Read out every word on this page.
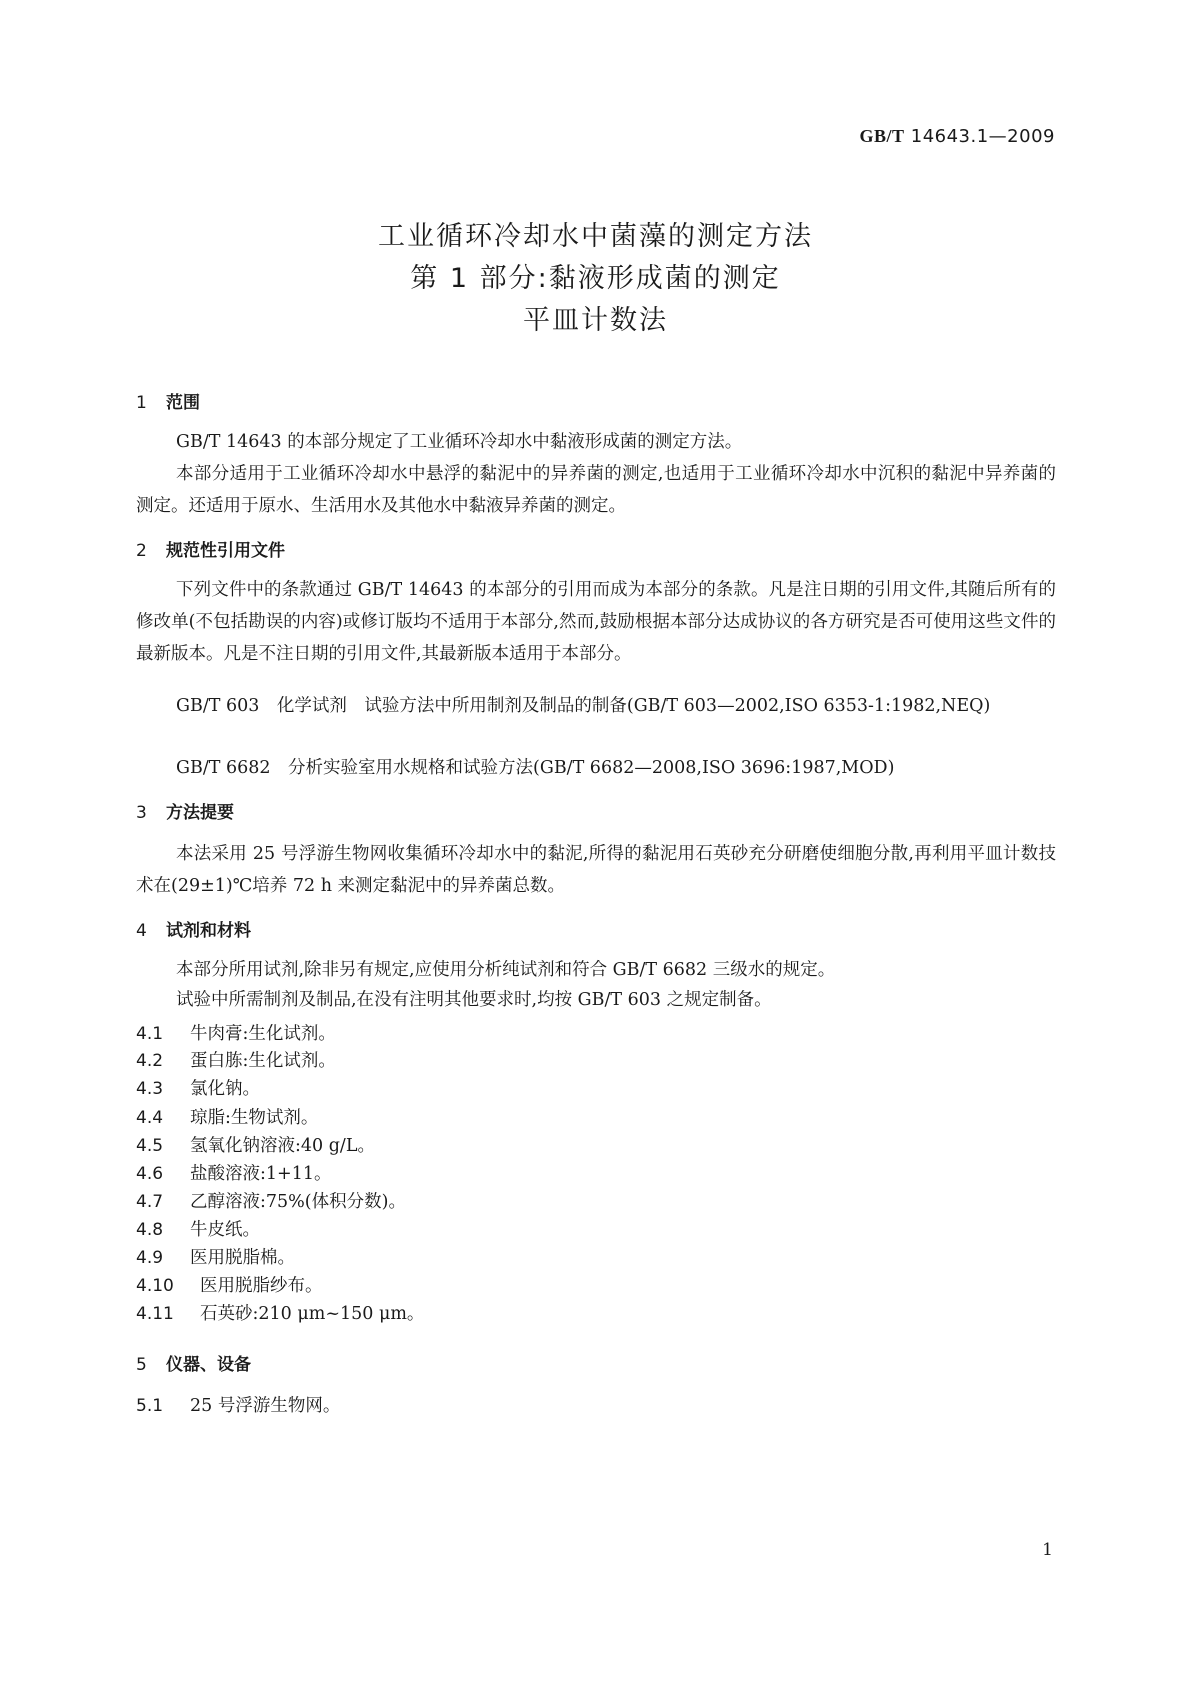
GB/T 14643.1—2009
工业循环冷却水中菌藻的测定方法
第 1 部分:黏液形成菌的测定
平皿计数法
1 范围
GB/T 14643 的本部分规定了工业循环冷却水中黏液形成菌的测定方法。
本部分适用于工业循环冷却水中悬浮的黏泥中的异养菌的测定,也适用于工业循环冷却水中沉积的黏泥中异养菌的测定。还适用于原水、生活用水及其他水中黏液异养菌的测定。
2 规范性引用文件
下列文件中的条款通过 GB/T 14643 的本部分的引用而成为本部分的条款。凡是注日期的引用文件,其随后所有的修改单(不包括勘误的内容)或修订版均不适用于本部分,然而,鼓励根据本部分达成协议的各方研究是否可使用这些文件的最新版本。凡是不注日期的引用文件,其最新版本适用于本部分。
GB/T 603　化学试剂　试验方法中所用制剂及制品的制备(GB/T 603—2002,ISO 6353-1:1982,NEQ)
GB/T 6682　分析实验室用水规格和试验方法(GB/T 6682—2008,ISO 3696:1987,MOD)
3 方法提要
本法采用 25 号浮游生物网收集循环冷却水中的黏泥,所得的黏泥用石英砂充分研磨使细胞分散,再利用平皿计数技术在(29±1)℃培养 72 h 来测定黏泥中的异养菌总数。
4 试剂和材料
本部分所用试剂,除非另有规定,应使用分析纯试剂和符合 GB/T 6682 三级水的规定。
试验中所需制剂及制品,在没有注明其他要求时,均按 GB/T 603 之规定制备。
4.1 牛肉膏:生化试剂。
4.2 蛋白胨:生化试剂。
4.3 氯化钠。
4.4 琼脂:生物试剂。
4.5 氢氧化钠溶液:40 g/L。
4.6 盐酸溶液:1+11。
4.7 乙醇溶液:75%(体积分数)。
4.8 牛皮纸。
4.9 医用脱脂棉。
4.10 医用脱脂纱布。
4.11 石英砂:210 μm~150 μm。
5 仪器、设备
5.1 25 号浮游生物网。
1
